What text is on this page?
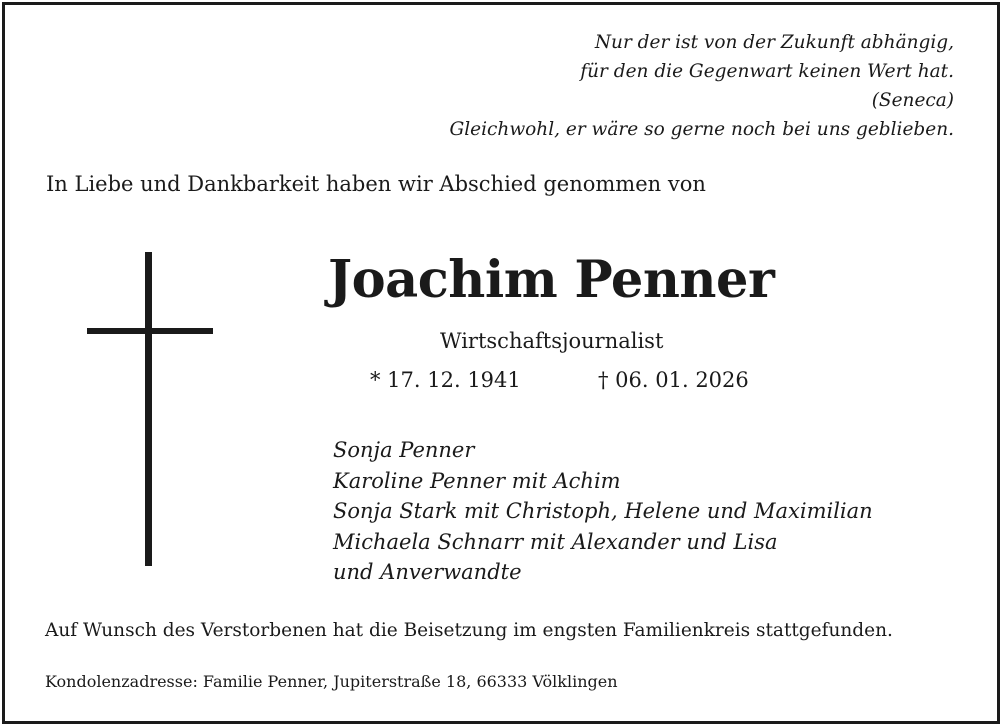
Nur der ist von der Zukunft abhängig,
für den die Gegenwart keinen Wert hat.
(Seneca)
Gleichwohl, er wäre so gerne noch bei uns geblieben.
In Liebe und Dankbarkeit haben wir Abschied genommen von
Joachim Penner
Wirtschaftsjournalist
* 17. 12. 1941	† 06. 01. 2026
Sonja Penner
Karoline Penner mit Achim
Sonja Stark mit Christoph, Helene und Maximilian
Michaela Schnarr mit Alexander und Lisa
und Anverwandte
Auf Wunsch des Verstorbenen hat die Beisetzung im engsten Familienkreis stattgefunden.
Kondolenzadresse: Familie Penner, Jupiterstraße 18, 66333 Völklingen
